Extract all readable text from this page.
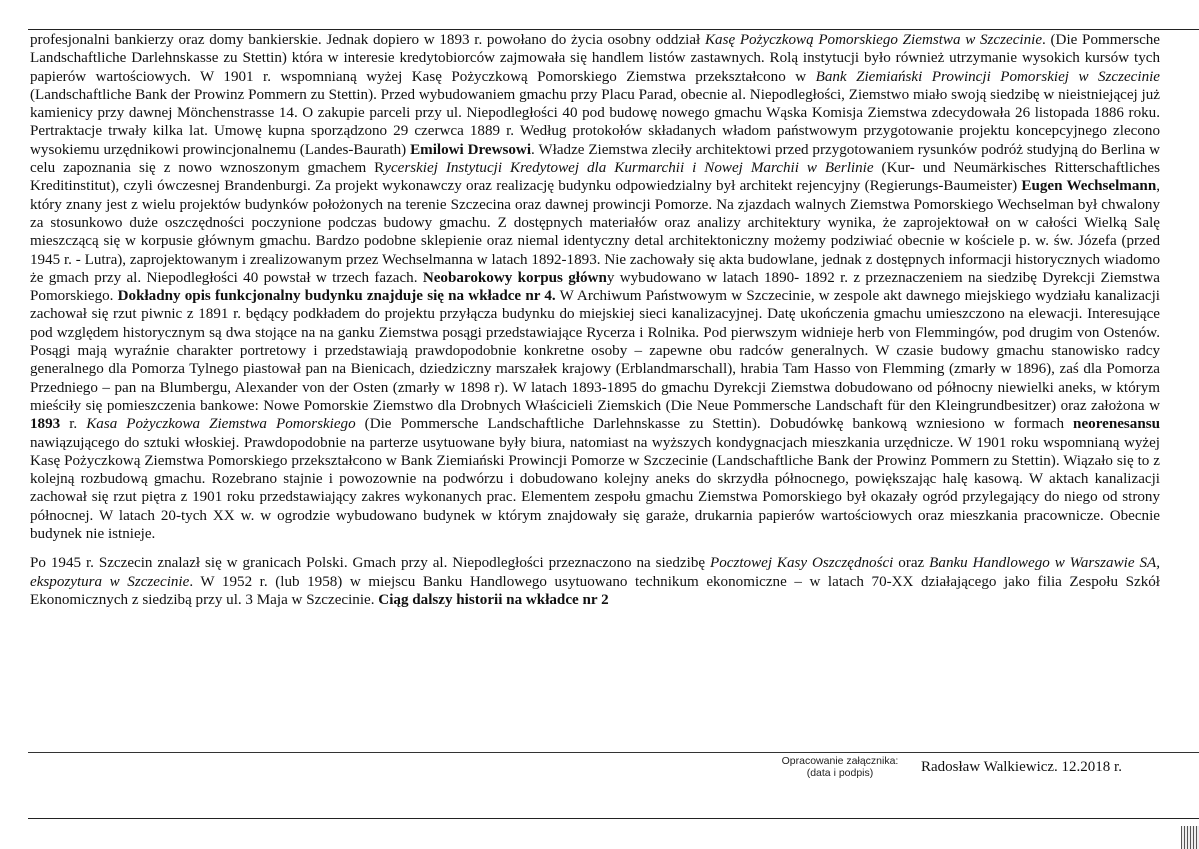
profesjonalni bankierzy oraz domy bankierskie. Jednak dopiero w 1893 r. powołano do życia osobny oddział Kasę Pożyczkową Pomorskiego Ziemstwa w Szczecinie. (Die Pommersche Landschaftliche Darlehnskasse zu Stettin) która w interesie kredytobiorców zajmowała się handlem listów zastawnych. Rolą instytucji było również utrzymanie wysokich kursów tych papierów wartościowych. W 1901 r. wspomnianą wyżej Kasę Pożyczkową Pomorskiego Ziemstwa przekształcono w Bank Ziemiański Prowincji Pomorskiej w Szczecinie (Landschaftliche Bank der Prowinz Pommern zu Stettin). Przed wybudowaniem gmachu przy Placu Parad, obecnie al. Niepodległości, Ziemstwo miało swoją siedzibę w nieistniejącej już kamienicy przy dawnej Mönchenstrasse 14. O zakupie parceli przy ul. Niepodległości 40 pod budowę nowego gmachu Wąska Komisja Ziemstwa zdecydowała 26 listopada 1886 roku. Pertraktacje trwały kilka lat. Umowę kupna sporządzono 29 czerwca 1889 r. Według protokołów składanych władom państwowym przygotowanie projektu koncepcyjnego zlecono wysokiemu urzędnikowi prowincjonalnemu (Landes-Baurath) Emilowi Drewsowi. Władze Ziemstwa zleciły architektowi przed przygotowaniem rysunków podróż studyjną do Berlina w celu zapoznania się z nowo wznoszonym gmachem Rycerskiej Instytucji Kredytowej dla Kurmarchii i Nowej Marchii w Berlinie (Kur- und Neumärkisches Ritterschaftliches Kreditinstitut), czyli ówczesnej Brandenburgi. Za projekt wykonawczy oraz realizację budynku odpowiedzialny był architekt rejencyjny (Regierungs-Baumeister) Eugen Wechselmann, który znany jest z wielu projektów budynków położonych na terenie Szczecina oraz dawnej prowincji Pomorze. Na zjazdach walnych Ziemstwa Pomorskiego Wechselman był chwalony za stosunkowo duże oszczędności poczynione podczas budowy gmachu. Z dostępnych materiałów oraz analizy architektury wynika, że zaprojektował on w całości Wielką Salę mieszczącą się w korpusie głównym gmachu. Bardzo podobne sklepienie oraz niemal identyczny detal architektoniczny możemy podziwiać obecnie w kościele p. w. św. Józefa (przed 1945 r. - Lutra), zaprojektowanym i zrealizowanym przez Wechselmanna w latach 1892-1893. Nie zachowały się akta budowlane, jednak z dostępnych informacji historycznych wiadomo że gmach przy al. Niepodległości 40 powstał w trzech fazach. Neobarokowy korpus główny wybudowano w latach 1890- 1892 r. z przeznaczeniem na siedzibę Dyrekcji Ziemstwa Pomorskiego. Dokładny opis funkcjonalny budynku znajduje się na wkładce nr 4. W Archiwum Państwowym w Szczecinie, w zespole akt dawnego miejskiego wydziału kanalizacji zachował się rzut piwnic z 1891 r. będący podkładem do projektu przyłącza budynku do miejskiej sieci kanalizacyjnej. Datę ukończenia gmachu umieszczono na elewacji. Interesujące pod względem historycznym są dwa stojące na na ganku Ziemstwa posągi przedstawiające Rycerza i Rolnika. Pod pierwszym widnieje herb von Flemmingów, pod drugim von Ostenów. Posągi mają wyraźnie charakter portretowy i przedstawiają prawdopodobnie konkretne osoby – zapewne obu radców generalnych. W czasie budowy gmachu stanowisko radcy generalnego dla Pomorza Tylnego piastował pan na Bienicach, dziedziczny marszałek krajowy (Erblandmarschall), hrabia Tam Hasso von Flemming (zmarły w 1896), zaś dla Pomorza Przedniego – pan na Blumbergu, Alexander von der Osten (zmarły w 1898 r). W latach 1893-1895 do gmachu Dyrekcji Ziemstwa dobudowano od północny niewielki aneks, w którym mieściły się pomieszczenia bankowe: Nowe Pomorskie Ziemstwo dla Drobnych Właścicieli Ziemskich (Die Neue Pommersche Landschaft für den Kleingrundbesitzer) oraz założona w 1893 r. Kasa Pożyczkowa Ziemstwa Pomorskiego (Die Pommersche Landschaftliche Darlehnskasse zu Stettin). Dobudówkę bankową wzniesiono w formach neorenesansu nawiązującego do sztuki włoskiej. Prawdopodobnie na parterze usytuowane były biura, natomiast na wyższych kondygnacjach mieszkania urzędnicze. W 1901 roku wspomnianą wyżej Kasę Pożyczkową Ziemstwa Pomorskiego przekształcono w Bank Ziemiański Prowincji Pomorze w Szczecinie (Landschaftliche Bank der Prowinz Pommern zu Stettin). Wiązało się to z kolejną rozbudową gmachu. Rozebrano stajnie i powozownie na podwórzu i dobudowano kolejny aneks do skrzydła północnego, powiększając halę kasową. W aktach kanalizacji zachował się rzut piętra z 1901 roku przedstawiający zakres wykonanych prac. Elementem zespołu gmachu Ziemstwa Pomorskiego był okazały ogród przylegający do niego od strony północnej. W latach 20-tych XX w. w ogrodzie wybudowano budynek w którym znajdowały się garaże, drukarnia papierów wartościowych oraz mieszkania pracownicze. Obecnie budynek nie istnieje.

Po 1945 r. Szczecin znalazł się w granicach Polski. Gmach przy al. Niepodległości przeznaczono na siedzibę Pocztowej Kasy Oszczędności oraz Banku Handlowego w Warszawie SA, ekspozytura w Szczecinie. W 1952 r. (lub 1958) w miejscu Banku Handlowego usytuowano technikum ekonomiczne – w latach 70-XX działającego jako filia Zespołu Szkół Ekonomicznych z siedzibą przy ul. 3 Maja w Szczecinie. Ciąg dalszy historii na wkładce nr 2

Opracowanie załącznika:
(data i podpis)	Radosław Walkiewicz. 12.2018 r.
